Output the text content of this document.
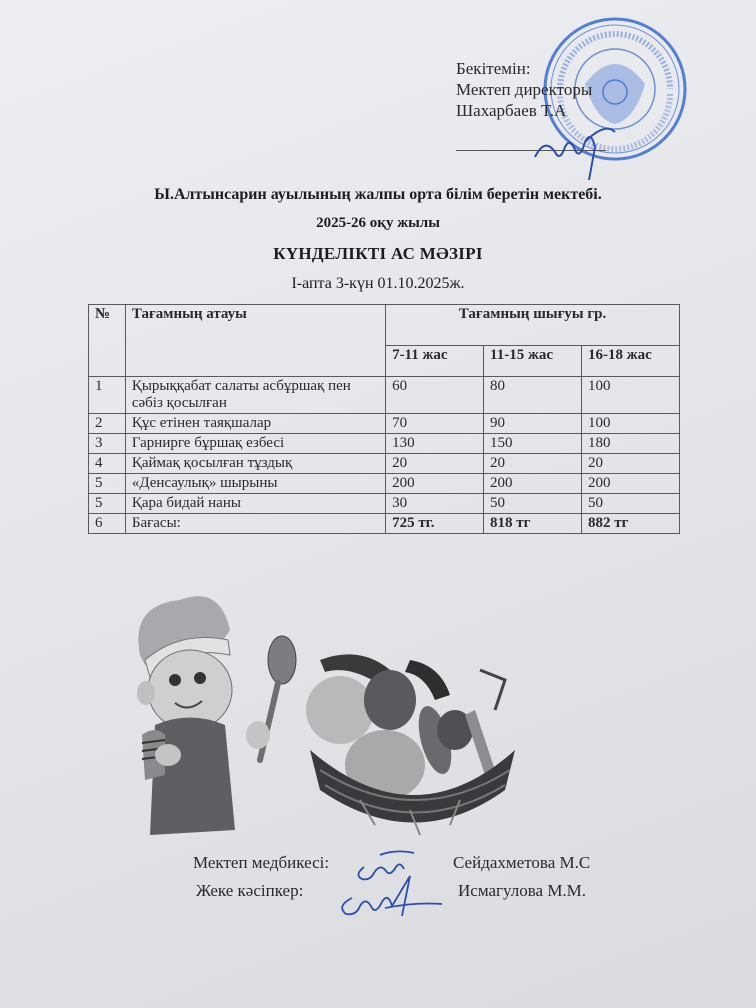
Бекітемін:
Мектеп директоры
Шахарбаев Т.А
Ы.Алтынсарин ауылының жалпы орта білім беретін мектебі.
2025-26 оқу жылы
КҮНДЕЛІКТІ АС МӘЗІРІ
І-апта 3-күн 01.10.2025ж.
№	Тағамның атауы	Тағамның шығуы гр.		
		7-11 жас	11-15 жас	16-18 жас
1	Қырыққабат салаты асбұршақ пен сәбіз қосылған	60	80	100
2	Құс етінен таяқшалар	70	90	100
3	Гарнирге бұршақ езбесі	130	150	180
4	Қаймақ қосылған тұздық	20	20	20
5	«Денсаулық» шырыны	200	200	200
5	Қара бидай наны	30	50	50
6	Бағасы:	725 тг.	818 тг	882 тг
Мектеп медбикесі:	Сейдахметова М.С
Жеке кәсіпкер:	Исмагулова М.М.
